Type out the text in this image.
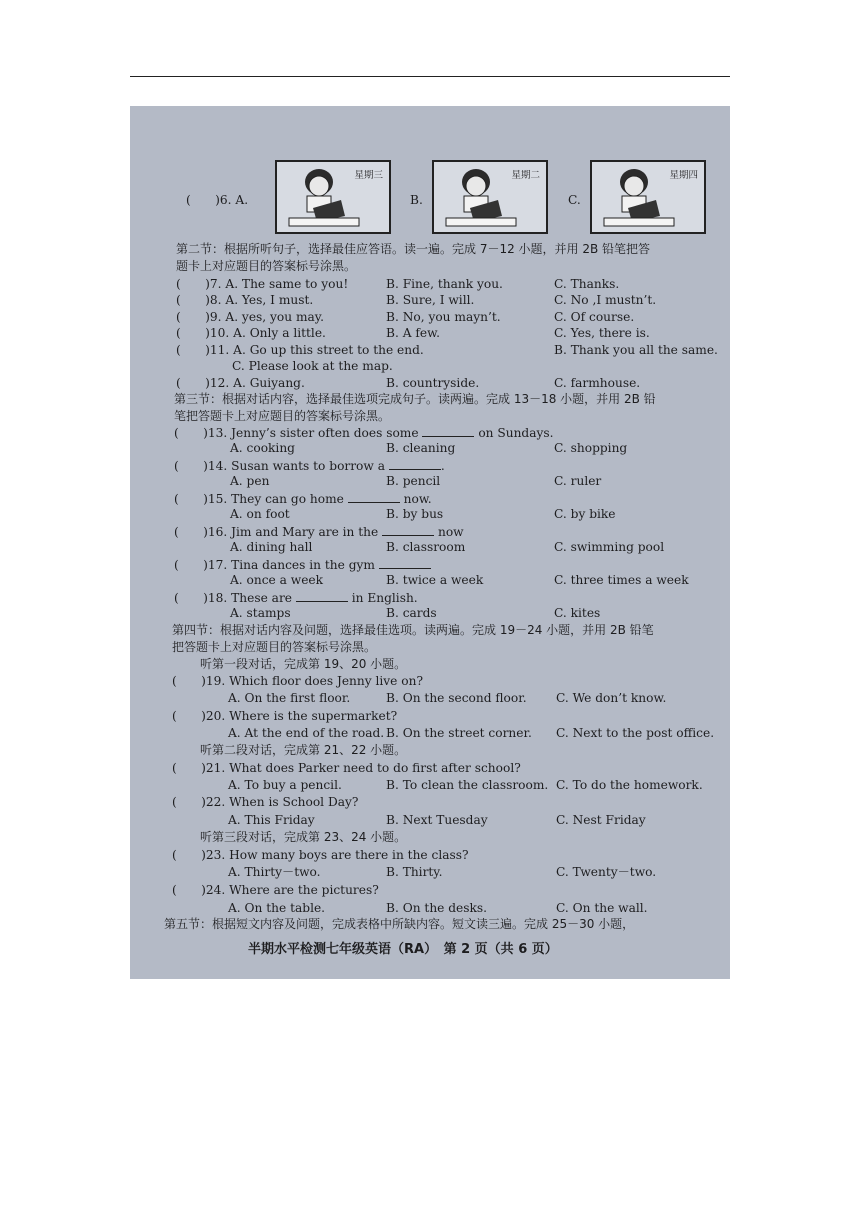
(　　)6. A.
星期三
B.
星期二
C.
星期四
第二节：根据所听句子，选择最佳应答语。读一遍。完成 7－12 小题，并用 2B 铅笔把答
题卡上对应题目的答案标号涂黑。
(　　)7. A. The same to you!	B. Fine, thank you.	C. Thanks.
(　　)8. A. Yes, I must.	B. Sure, I will.	C. No ,I mustn’t.
(　　)9. A. yes, you may.	B. No, you mayn’t.	C. Of course.
(　　)10. A. Only a little.	B. A few.	C. Yes, there is.
(　　)11. A. Go up this street to the end.	B. Thank you all the same.
C. Please look at the map.
(　　)12. A. Guiyang.	B. countryside.	C. farmhouse.
第三节：根据对话内容，选择最佳选项完成句子。读两遍。完成 13－18 小题，并用 2B 铅
笔把答题卡上对应题目的答案标号涂黑。
(　　)13. Jenny’s sister often does some	on Sundays.
A. cooking	B. cleaning	C. shopping
(　　)14. Susan wants to borrow a	.
A. pen	B. pencil	C. ruler
(　　)15. They can go home	now.
A. on foot	B. by bus	C. by bike
(　　)16. Jim and Mary are in the	now
A. dining hall	B. classroom	C. swimming pool
(　　)17. Tina dances in the gym
A. once a week	B. twice a week	C. three times a week
(　　)18. These are	in English.
A. stamps	B. cards	C. kites
第四节：根据对话内容及问题，选择最佳选项。读两遍。完成 19－24 小题，并用 2B 铅笔
把答题卡上对应题目的答案标号涂黑。
听第一段对话，完成第 19、20 小题。
(　　)19. Which floor does Jenny live on?
A. On the first floor.	B. On the second floor. C. We don’t know.
(　　)20. Where is the supermarket?
A. At the end of the road. B. On the street corner. C. Next to the post office.
听第二段对话，完成第 21、22 小题。
(　　)21. What does Parker need to do first after school?
A. To buy a pencil.	B. To clean the classroom. C. To do the homework.
(　　)22. When is School Day?
A. This Friday	B. Next Tuesday	C. Nest Friday
听第三段对话，完成第 23、24 小题。
(　　)23. How many boys are there in the class?
A. Thirty－two.	B. Thirty.	C. Twenty－two.
(　　)24. Where are the pictures?
A. On the table.	B. On the desks.	C. On the wall.
第五节：根据短文内容及问题，完成表格中所缺内容。短文读三遍。完成 25－30 小题，
半期水平检测七年级英语（RA）　第 2 页（共 6 页）
